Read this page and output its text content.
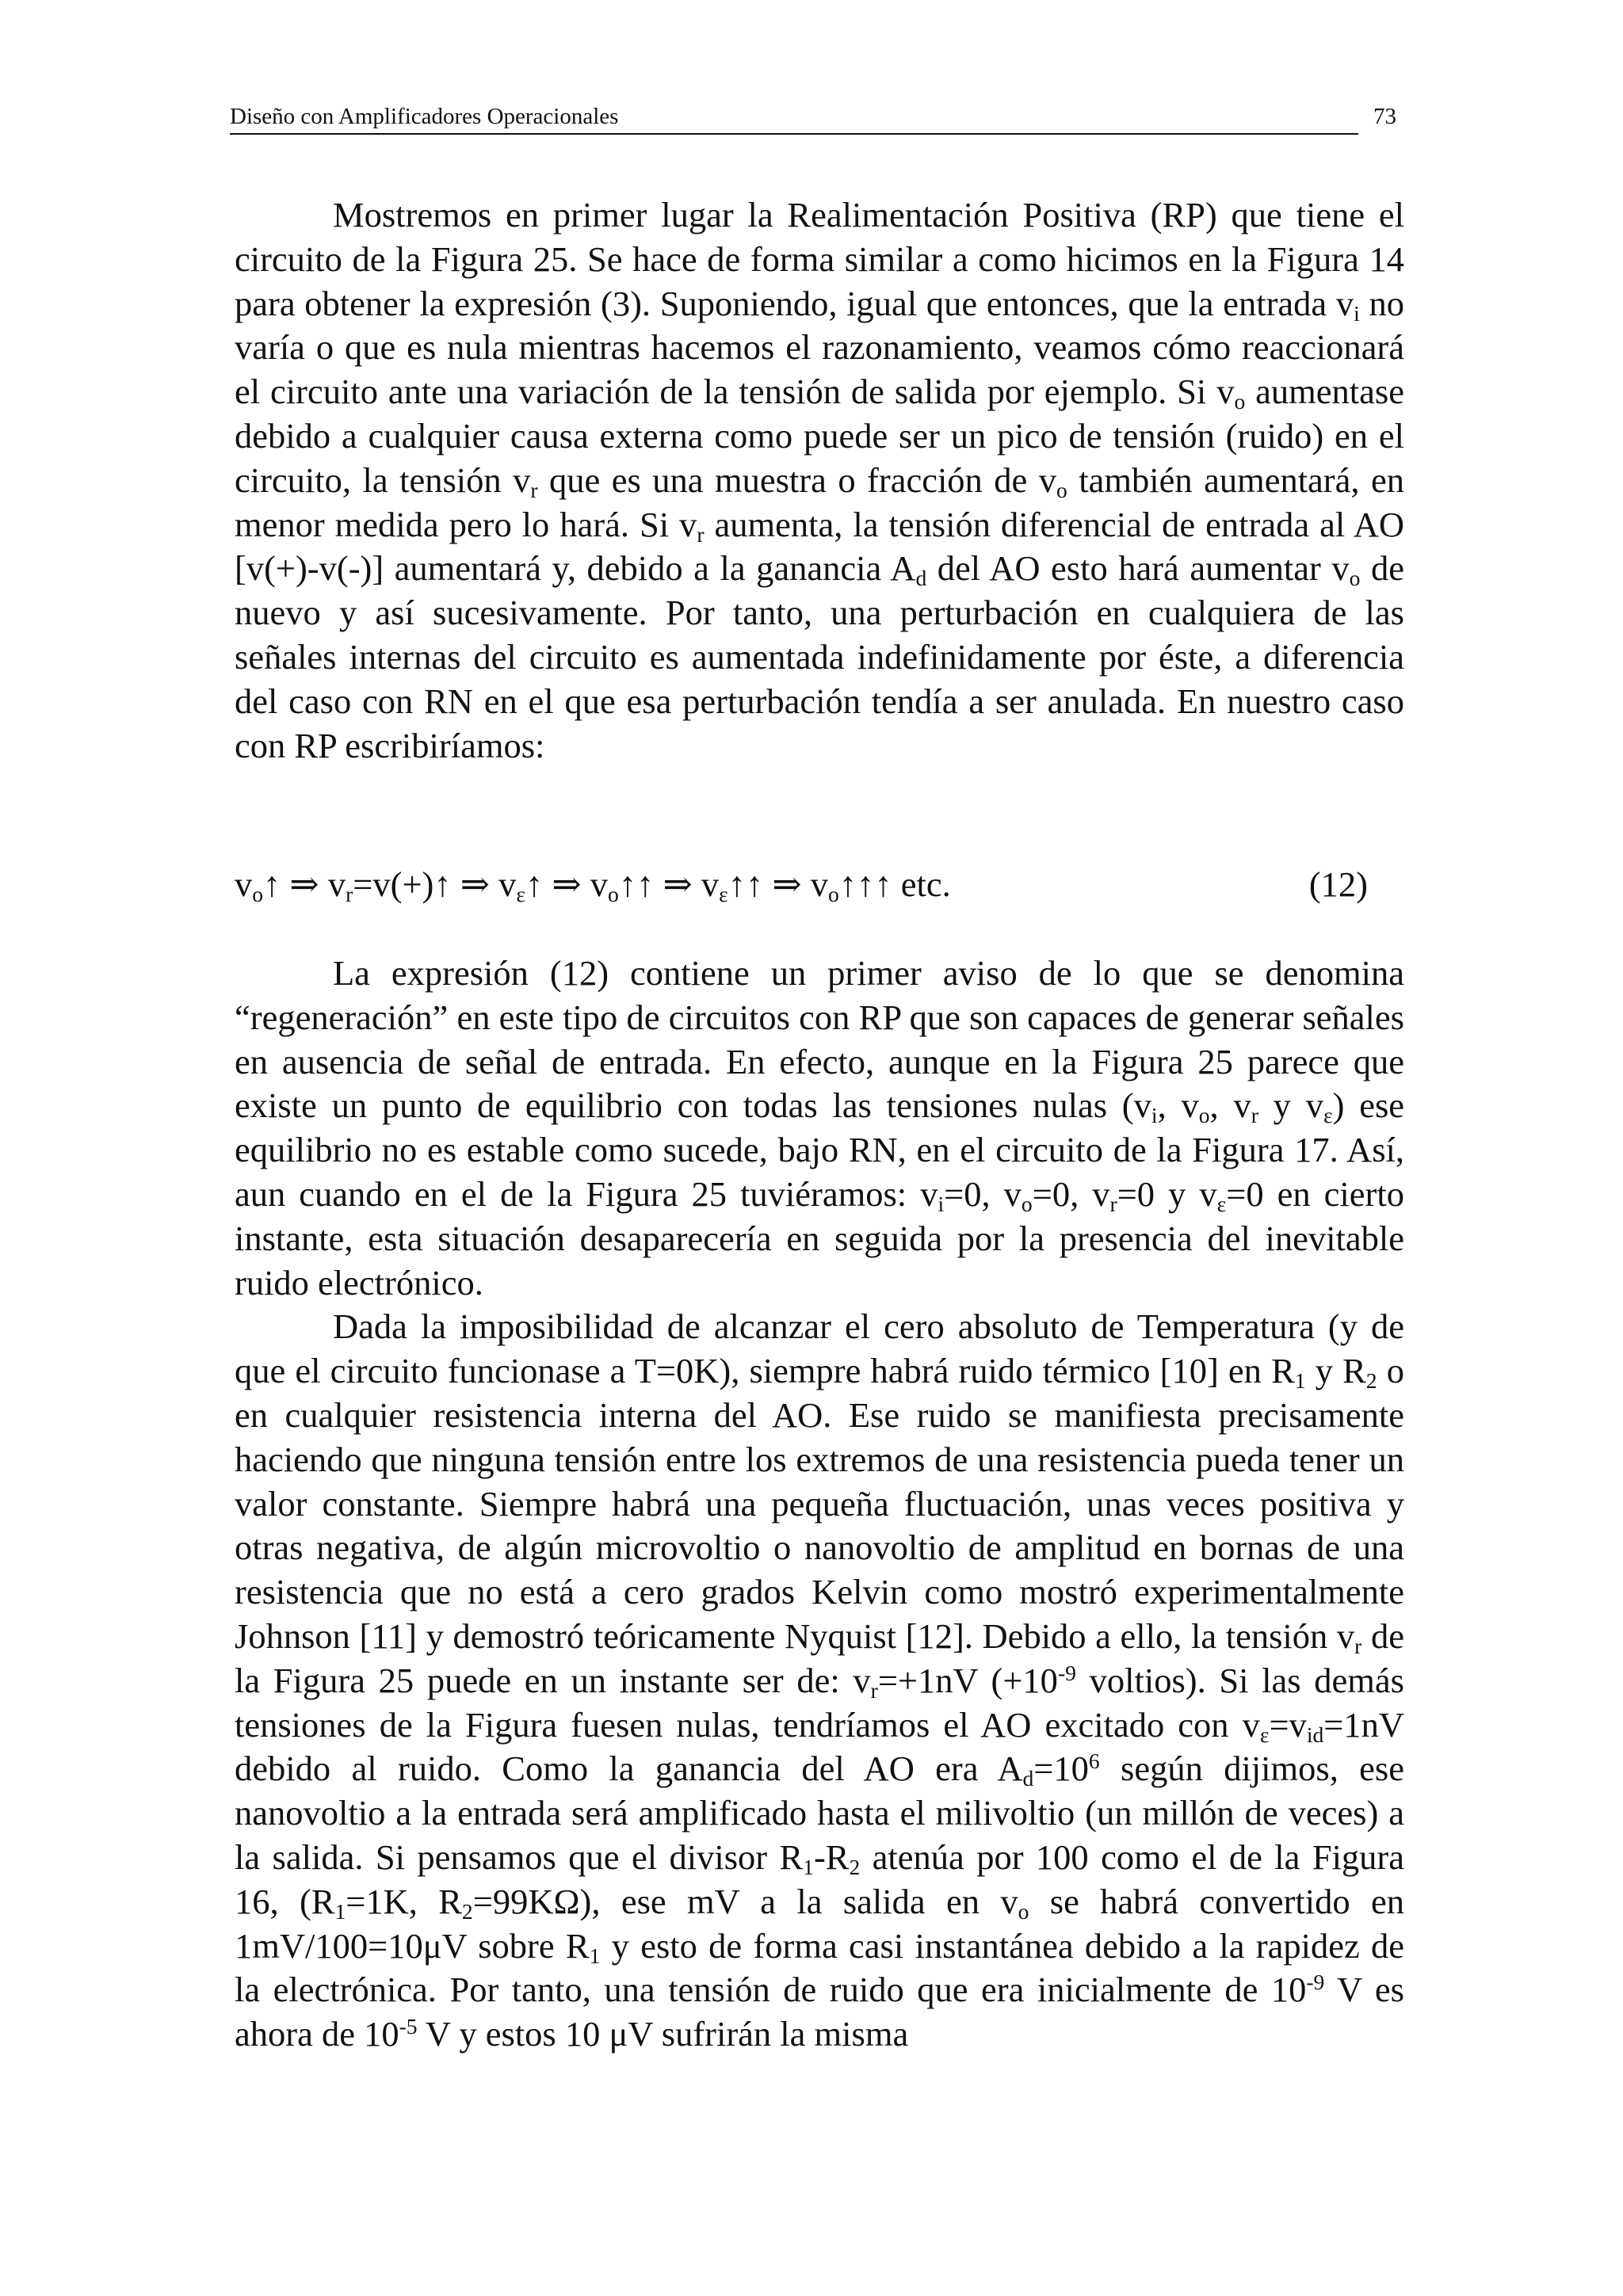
Diseño con Amplificadores Operacionales	73

Mostremos en primer lugar la Realimentación Positiva (RP) que tiene el circuito de la Figura 25. Se hace de forma similar a como hicimos en la Figura 14 para obtener la expresión (3). Suponiendo, igual que entonces, que la entrada $v_i$ no varía o que es nula mientras hacemos el razonamiento, veamos cómo reaccionará el circuito ante una variación de la tensión de salida por ejemplo. Si $v_o$ aumentase debido a cualquier causa externa como puede ser un pico de tensión (ruido) en el circuito, la tensión $v_r$ que es una muestra o fracción de $v_o$ también aumentará, en menor medida pero lo hará. Si $v_r$ aumenta, la tensión diferencial de entrada al AO [v(+)-v(-)] aumentará y, debido a la ganancia $A_d$ del AO esto hará aumentar $v_o$ de nuevo y así sucesivamente. Por tanto, una perturbación en cualquiera de las señales internas del circuito es aumentada indefinidamente por éste, a diferencia del caso con RN en el que esa perturbación tendía a ser anulada. En nuestro caso con RP escribiríamos:

$v_o↑$ ⇒ $v_r=v(+)↑$ ⇒ $v_\varepsilon↑$ ⇒ $v_o↑↑$ ⇒ $v_\varepsilon↑↑$ ⇒ $v_o↑↑↑$ etc.	(12)

La expresión (12) contiene un primer aviso de lo que se denomina “regeneración” en este tipo de circuitos con RP que son capaces de generar señales en ausencia de señal de entrada. En efecto, aunque en la Figura 25 parece que existe un punto de equilibrio con todas las tensiones nulas ($v_i$, $v_o$, $v_r$ y $v_\varepsilon$) ese equilibrio no es estable como sucede, bajo RN, en el circuito de la Figura 17. Así, aun cuando en el de la Figura 25 tuviéramos: $v_i=0$, $v_o=0$, $v_r=0$ y $v_\varepsilon=0$ en cierto instante, esta situación desaparecería en seguida por la presencia del inevitable ruido electrónico.

Dada la imposibilidad de alcanzar el cero absoluto de Temperatura (y de que el circuito funcionase a T=0K), siempre habrá ruido térmico [10] en $R_1$ y $R_2$ o en cualquier resistencia interna del AO. Ese ruido se manifiesta precisamente haciendo que ninguna tensión entre los extremos de una resistencia pueda tener un valor constante. Siempre habrá una pequeña fluctuación, unas veces positiva y otras negativa, de algún microvoltio o nanovoltio de amplitud en bornas de una resistencia que no está a cero grados Kelvin como mostró experimentalmente Johnson [11] y demostró teóricamente Nyquist [12]. Debido a ello, la tensión $v_r$ de la Figura 25 puede en un instante ser de: $v_r=+1nV$ ($+10^{-9}$ voltios). Si las demás tensiones de la Figura fuesen nulas, tendríamos el AO excitado con $v_\varepsilon=v_{id}=1nV$ debido al ruido. Como la ganancia del AO era $A_d=10^6$ según dijimos, ese nanovoltio a la entrada será amplificado hasta el milivoltio (un millón de veces) a la salida. Si pensamos que el divisor $R_1-R_2$ atenúa por 100 como el de la Figura 16, ($R_1=1K$, $R_2=99K\Omega$), ese mV a la salida en $v_o$ se habrá convertido en 1mV/100=10μV sobre $R_1$ y esto de forma casi instantánea debido a la rapidez de la electrónica. Por tanto, una tensión de ruido que era inicialmente de $10^{-9}$ V es ahora de $10^{-5}$ V y estos 10 μV sufrirán la misma
